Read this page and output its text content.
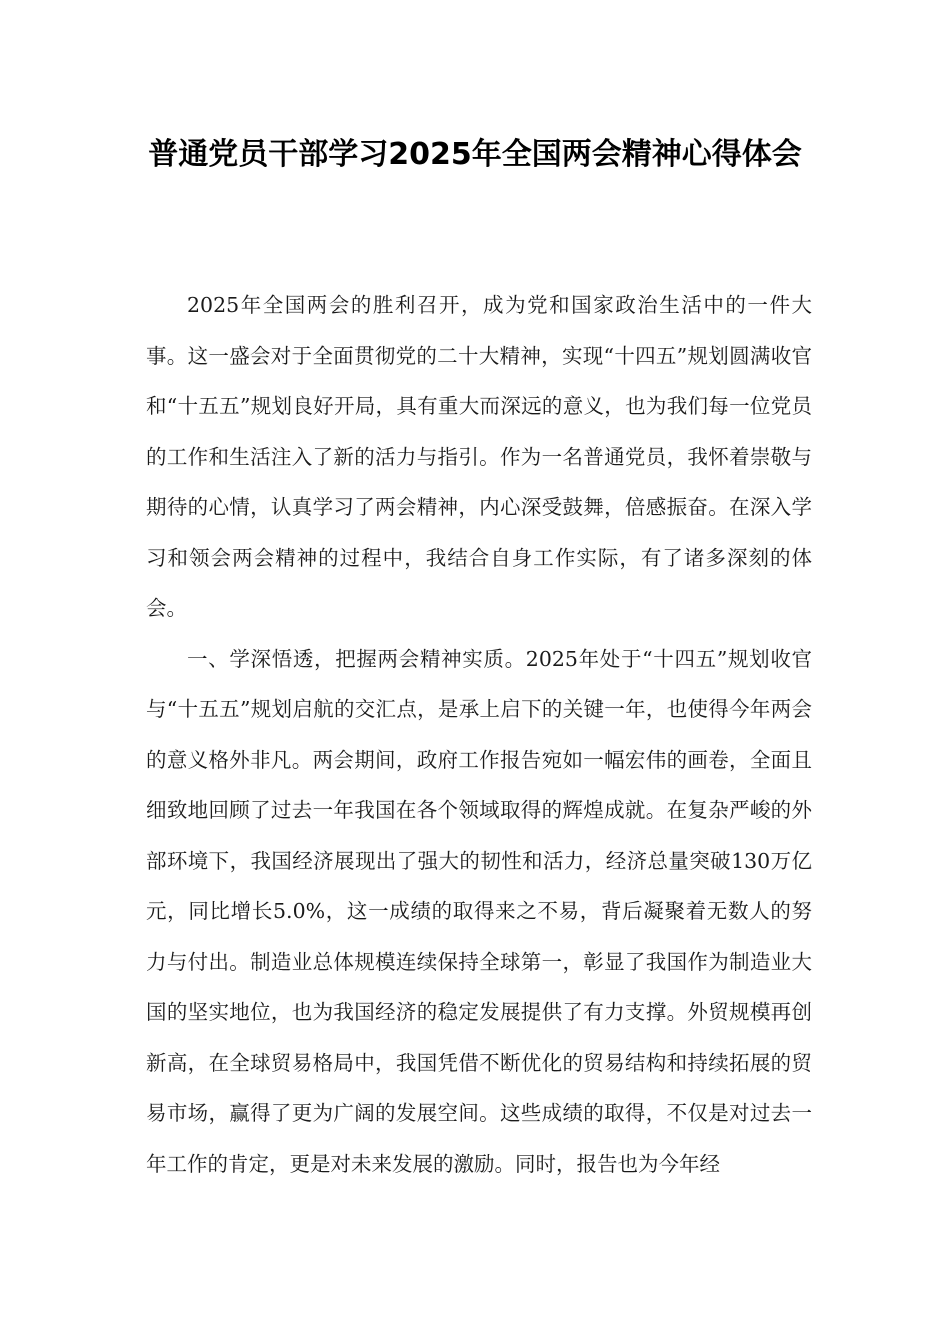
普通党员干部学习2025年全国两会精神心得体会

2025年全国两会的胜利召开，成为党和国家政治生活中的一件大事。这一盛会对于全面贯彻党的二十大精神，实现“十四五”规划圆满收官和“十五五”规划良好开局，具有重大而深远的意义，也为我们每一位党员的工作和生活注入了新的活力与指引。作为一名普通党员，我怀着崇敬与期待的心情，认真学习了两会精神，内心深受鼓舞，倍感振奋。在深入学习和领会两会精神的过程中，我结合自身工作实际，有了诸多深刻的体会。

一、学深悟透，把握两会精神实质。2025年处于“十四五”规划收官与“十五五”规划启航的交汇点，是承上启下的关键一年，也使得今年两会的意义格外非凡。两会期间，政府工作报告宛如一幅宏伟的画卷，全面且细致地回顾了过去一年我国在各个领域取得的辉煌成就。在复杂严峻的外部环境下，我国经济展现出了强大的韧性和活力，经济总量突破130万亿元，同比增长5.0%，这一成绩的取得来之不易，背后凝聚着无数人的努力与付出。制造业总体规模连续保持全球第一，彰显了我国作为制造业大国的坚实地位，也为我国经济的稳定发展提供了有力支撑。外贸规模再创新高，在全球贸易格局中，我国凭借不断优化的贸易结构和持续拓展的贸易市场，赢得了更为广阔的发展空间。这些成绩的取得，不仅是对过去一年工作的肯定，更是对未来发展的激励。同时，报告也为今年经
